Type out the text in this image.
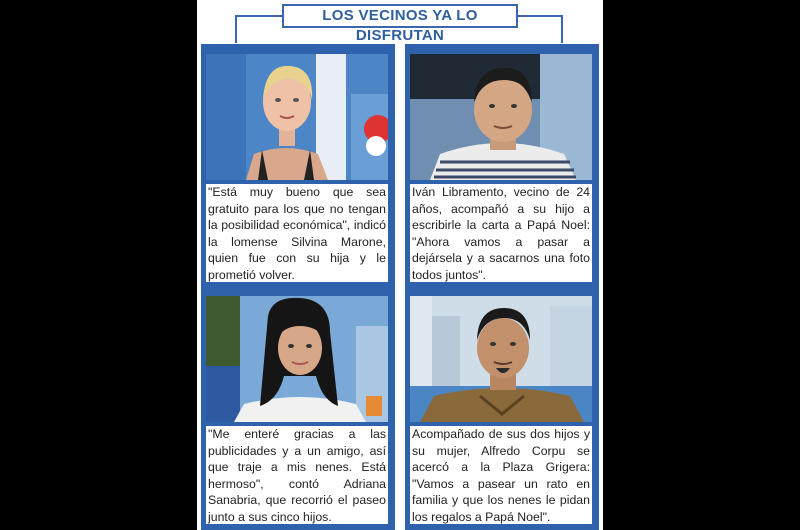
LOS VECINOS YA LO DISFRUTAN
"Está muy bueno que sea gratuito para los que no tengan la posibilidad económica", indicó la lomense Silvina Marone, quien fue con su hija y le prometió volver.
Iván Libramento, vecino de 24 años, acompañó a su hijo a escribirle la carta a Papá Noel: "Ahora vamos a pasar a dejársela y a sacarnos una foto todos juntos".
"Me enteré gracias a las publicidades y a un amigo, así que traje a mis nenes. Está hermoso", contó Adriana Sanabria, que recorrió el paseo junto a sus cinco hijos.
Acompañado de sus dos hijos y su mujer, Alfredo Corpu se acercó a la Plaza Grigera: "Vamos a pasear un rato en familia y que los nenes le pidan los regalos a Papá Noel".
